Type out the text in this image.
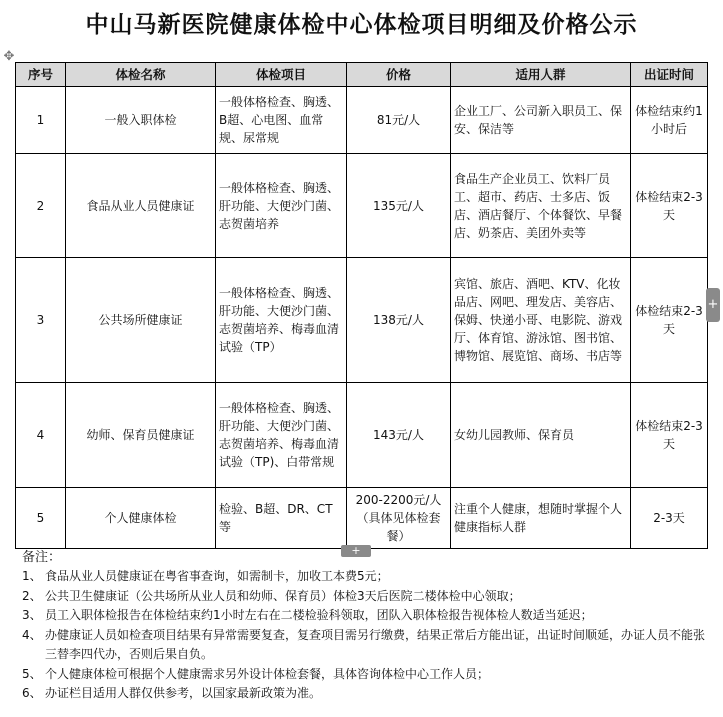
中山马新医院健康体检中心体检项目明细及价格公示
✥
序号	体检名称	体检项目	价格	适用人群	出证时间
1	一般入职体检	一般体格检查、胸透、B超、心电图、血常规、尿常规	81元/人	企业工厂、公司新入职员工、保安、保洁等	体检结束约1小时后
2	食品从业人员健康证	一般体格检查、胸透、肝功能、大便沙门菌、志贺菌培养	135元/人	食品生产企业员工、饮料厂员工、超市、药店、士多店、饭店、酒店餐厅、个体餐饮、早餐店、奶茶店、美团外卖等	体检结束2-3天
3	公共场所健康证	一般体格检查、胸透、肝功能、大便沙门菌、志贺菌培养、梅毒血清试验（TP）	138元/人	宾馆、旅店、酒吧、KTV、化妆品店、网吧、理发店、美容店、保姆、快递小哥、电影院、游戏厅、体育馆、游泳馆、图书馆、博物馆、展览馆、商场、书店等	体检结束2-3天
4	幼师、保育员健康证	一般体格检查、胸透、肝功能、大便沙门菌、志贺菌培养、梅毒血清试验（TP)、白带常规	143元/人	女幼儿园教师、保育员	体检结束2-3天
5	个人健康体检	检验、B超、DR、CT等	200-2200元/人（具体见体检套餐）	注重个人健康，想随时掌握个人健康指标人群	2-3天
+
+
备注：
1、 食品从业人员健康证在粤省事查询，如需制卡，加收工本费5元；
2、 公共卫生健康证（公共场所从业人员和幼师、保育员）体检3天后医院二楼体检中心领取；
3、 员工入职体检报告在体检结束约1小时左右在二楼检验科领取，团队入职体检报告视体检人数适当延迟；
4、 办健康证人员如检查项目结果有异常需要复查，复查项目需另行缴费，结果正常后方能出证，出证时间顺延，办证人员不能张三替李四代办，否则后果自负。
5、 个人健康体检可根据个人健康需求另外设计体检套餐，具体咨询体检中心工作人员；
6、 办证栏目适用人群仅供参考，以国家最新政策为准。
